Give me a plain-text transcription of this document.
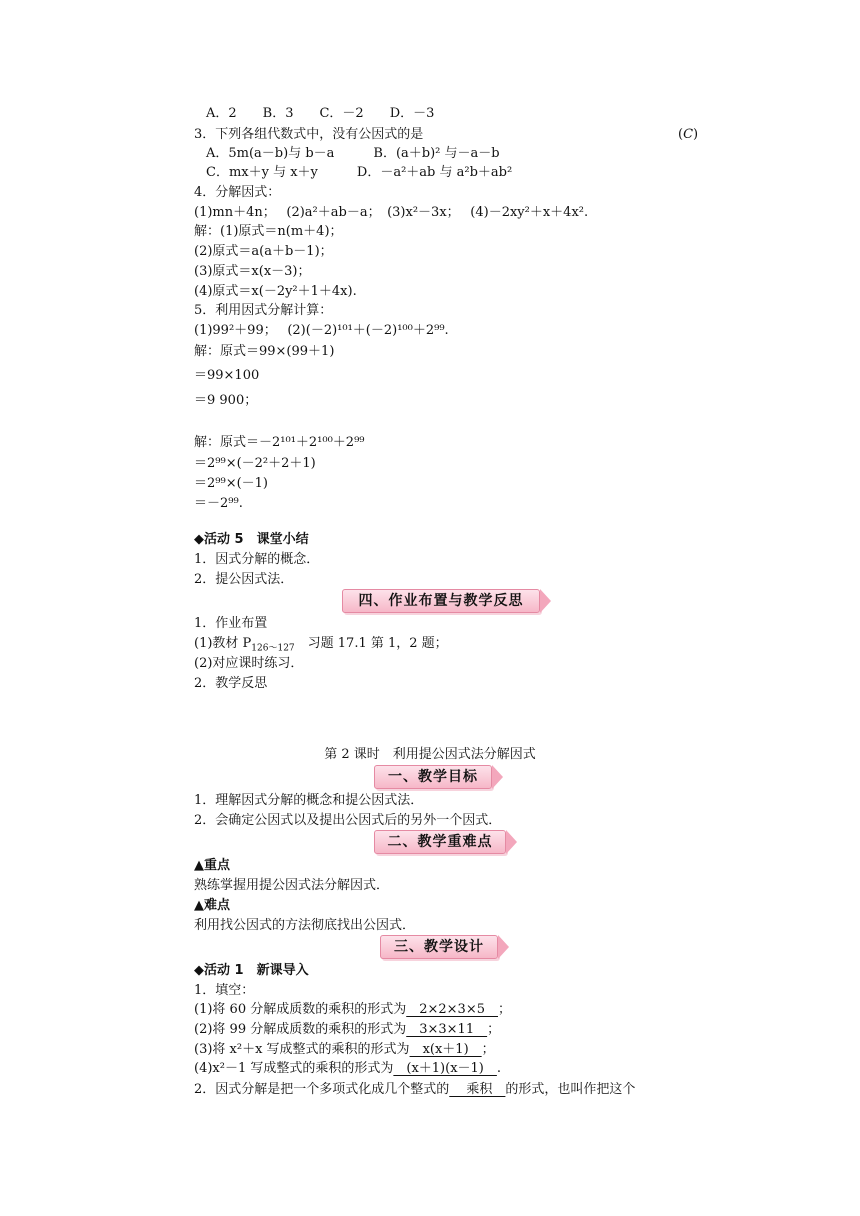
A．2　　B．3　　C．－2　　D．－3
3．下列各组代数式中，没有公因式的是	(C)
A．5m(a－b)与 b－a　　　B．(a＋b)² 与－a－b
C．mx＋y 与 x＋y　　　D．－a²＋ab 与 a²b＋ab²
4．分解因式：
(1)mn＋4n；　 (2)a²＋ab－a；　(3)x²－3x；　 (4)－2xy²＋x＋4x².
解：(1)原式＝n(m＋4)；
(2)原式＝a(a＋b－1)；
(3)原式＝x(x－3)；
(4)原式＝x(－2y²＋1＋4x).
5．利用因式分解计算：
(1)99²＋99；　 (2)(－2)¹⁰¹＋(－2)¹⁰⁰＋2⁹⁹.
解：原式＝99×(99＋1)
＝99×100
＝9 900；
解：原式＝－2¹⁰¹＋2¹⁰⁰＋2⁹⁹
＝2⁹⁹×(－2²＋2＋1)
＝2⁹⁹×(－1)
＝－2⁹⁹.
◆活动 5　课堂小结
1．因式分解的概念．
2．提公因式法．
四、作业布置与教学反思
1．作业布置
(1)教材 $P_{126\sim 127}$　习题 17.1 第 1，2 题；
(2)对应课时练习．
2．教学反思
第 2 课时　利用提公因式法分解因式
一、教学目标
1．理解因式分解的概念和提公因式法．
2．会确定公因式以及提出公因式后的另外一个因式．
二、教学重难点
▲重点
熟练掌握用提公因式法分解因式．
▲难点
利用找公因式的方法彻底找出公因式．
三、教学设计
◆活动 1　新课导入
1．填空：
(1)将 60 分解成质数的乘积的形式为　2×2×3×5　；
(2)将 99 分解成质数的乘积的形式为　3×3×11　；
(3)将 x²＋x 写成整式的乘积的形式为　x(x＋1)　；
(4)x²－1 写成整式的乘积的形式为　(x＋1)(x－1)　.
2．因式分解是把一个多项式化成几个整式的　 乘积　的形式，也叫作把这个
